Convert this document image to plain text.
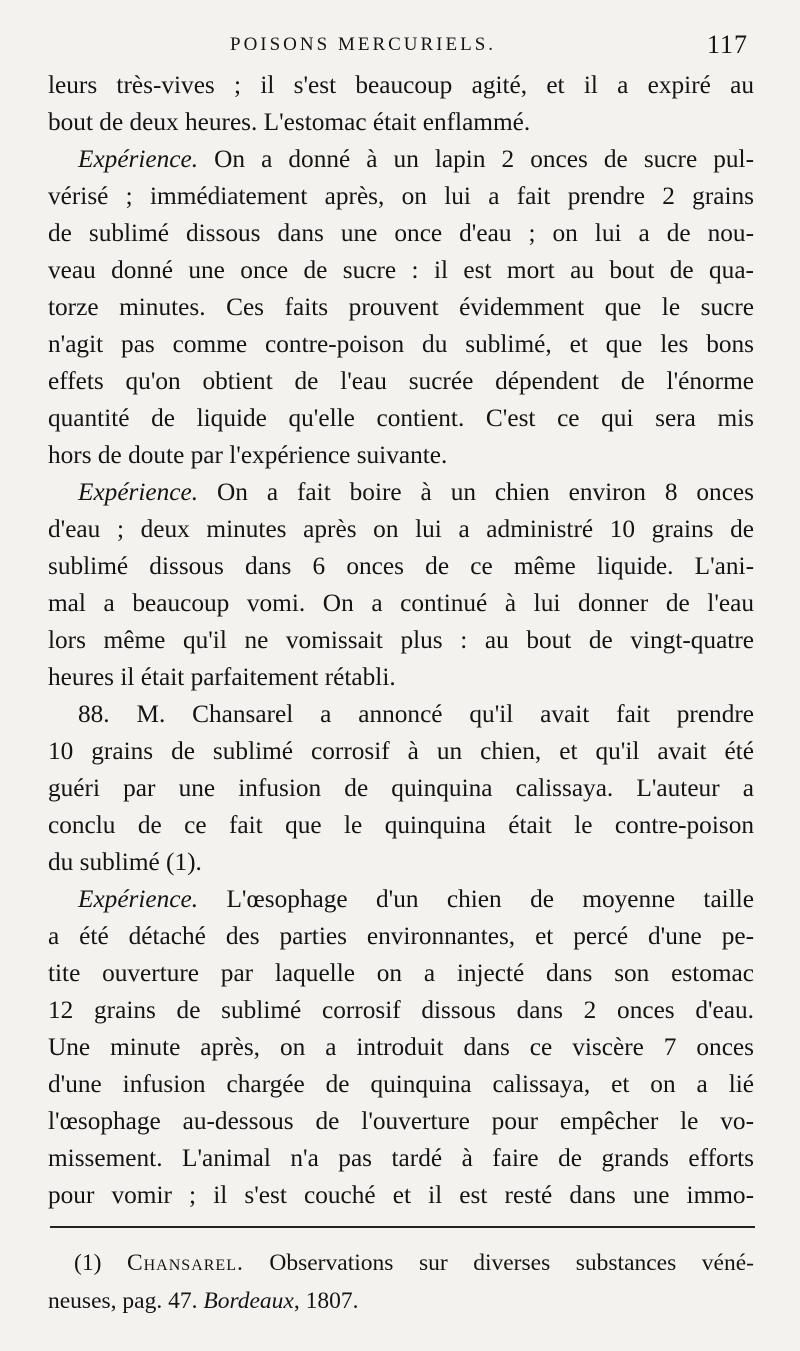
POISONS MERCURIELS.	117
leurs très-vives ; il s'est beaucoup agité, et il a expiré au
bout de deux heures. L'estomac était enflammé.
Expérience. On a donné à un lapin 2 onces de sucre pul-
vérisé ; immédiatement après, on lui a fait prendre 2 grains
de sublimé dissous dans une once d'eau ; on lui a de nou-
veau donné une once de sucre : il est mort au bout de qua-
torze minutes. Ces faits prouvent évidemment que le sucre
n'agit pas comme contre-poison du sublimé, et que les bons
effets qu'on obtient de l'eau sucrée dépendent de l'énorme
quantité de liquide qu'elle contient. C'est ce qui sera mis
hors de doute par l'expérience suivante.
Expérience. On a fait boire à un chien environ 8 onces
d'eau ; deux minutes après on lui a administré 10 grains de
sublimé dissous dans 6 onces de ce même liquide. L'ani-
mal a beaucoup vomi. On a continué à lui donner de l'eau
lors même qu'il ne vomissait plus : au bout de vingt-quatre
heures il était parfaitement rétabli.
88. M. Chansarel a annoncé qu'il avait fait prendre
10 grains de sublimé corrosif à un chien, et qu'il avait été
guéri par une infusion de quinquina calissaya. L'auteur a
conclu de ce fait que le quinquina était le contre-poison
du sublimé (1).
Expérience. L'œsophage d'un chien de moyenne taille
a été détaché des parties environnantes, et percé d'une pe-
tite ouverture par laquelle on a injecté dans son estomac
12 grains de sublimé corrosif dissous dans 2 onces d'eau.
Une minute après, on a introduit dans ce viscère 7 onces
d'une infusion chargée de quinquina calissaya, et on a lié
l'œsophage au-dessous de l'ouverture pour empêcher le vo-
missement. L'animal n'a pas tardé à faire de grands efforts
pour vomir ; il s'est couché et il est resté dans une immo-
(1) Chansarel. Observations sur diverses substances véné-
neuses, pag. 47. Bordeaux, 1807.
